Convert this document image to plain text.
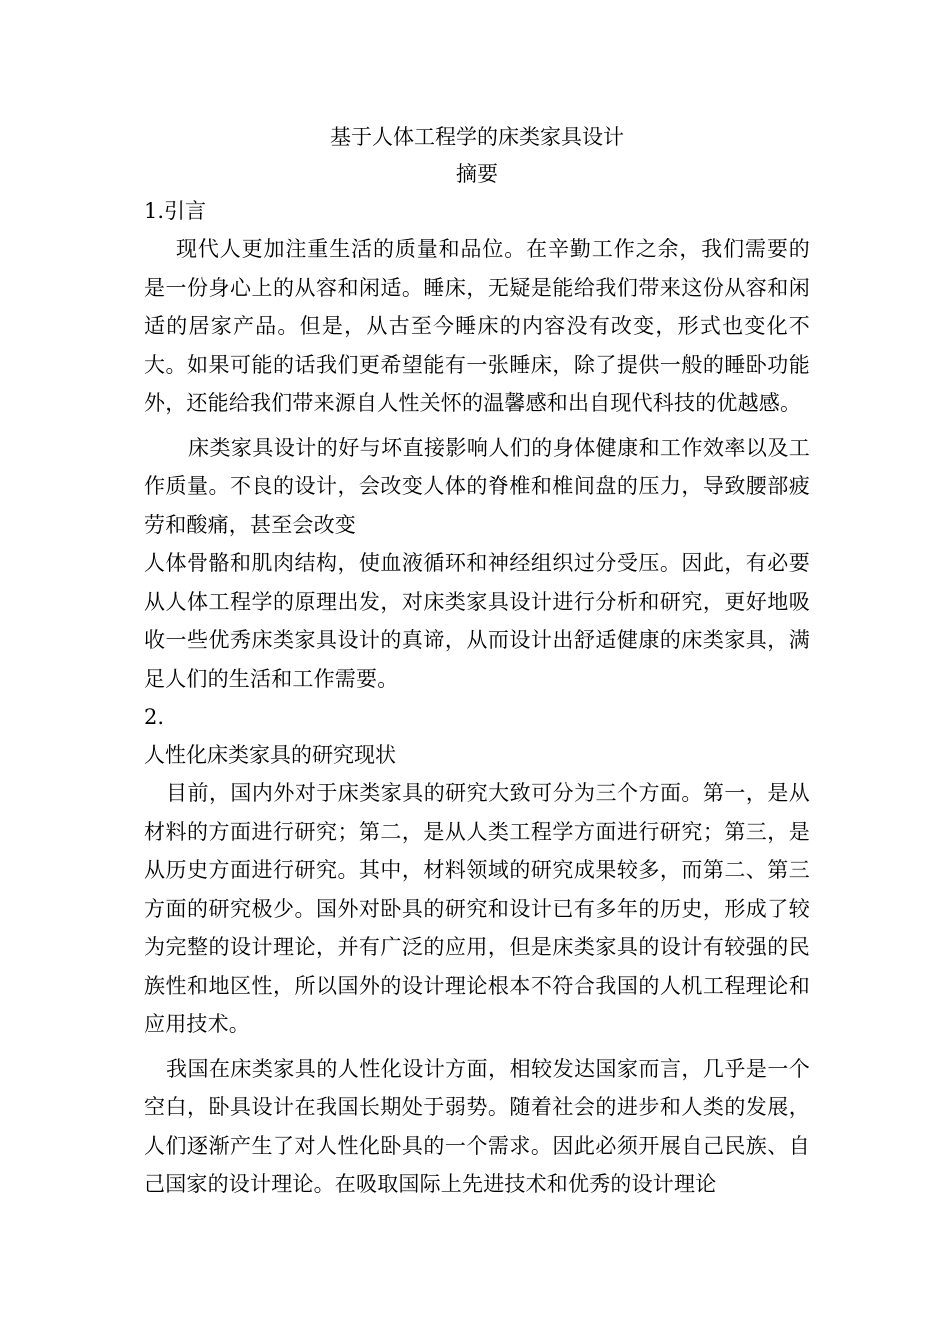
基于人体工程学的床类家具设计
摘要
1.引言

现代人更加注重生活的质量和品位。在辛勤工作之余，我们需要的是一份身心上的从容和闲适。睡床，无疑是能给我们带来这份从容和闲适的居家产品。但是，从古至今睡床的内容没有改变，形式也变化不大。如果可能的话我们更希望能有一张睡床，除了提供一般的睡卧功能外，还能给我们带来源自人性关怀的温馨感和出自现代科技的优越感。

床类家具设计的好与坏直接影响人们的身体健康和工作效率以及工作质量。不良的设计，会改变人体的脊椎和椎间盘的压力，导致腰部疲劳和酸痛，甚至会改变

人体骨骼和肌肉结构，使血液循环和神经组织过分受压。因此，有必要从人体工程学的原理出发，对床类家具设计进行分析和研究，更好地吸收一些优秀床类家具设计的真谛，从而设计出舒适健康的床类家具，满足人们的生活和工作需要。

2.
人性化床类家具的研究现状

目前，国内外对于床类家具的研究大致可分为三个方面。第一，是从材料的方面进行研究；第二，是从人类工程学方面进行研究；第三，是从历史方面进行研究。其中，材料领域的研究成果较多，而第二、第三方面的研究极少。国外对卧具的研究和设计已有多年的历史，形成了较为完整的设计理论，并有广泛的应用，但是床类家具的设计有较强的民族性和地区性，所以国外的设计理论根本不符合我国的人机工程理论和应用技术。

我国在床类家具的人性化设计方面，相较发达国家而言，几乎是一个空白，卧具设计在我国长期处于弱势。随着社会的进步和人类的发展，人们逐渐产生了对人性化卧具的一个需求。因此必须开展自己民族、自己国家的设计理论。在吸取国际上先进技术和优秀的设计理论
